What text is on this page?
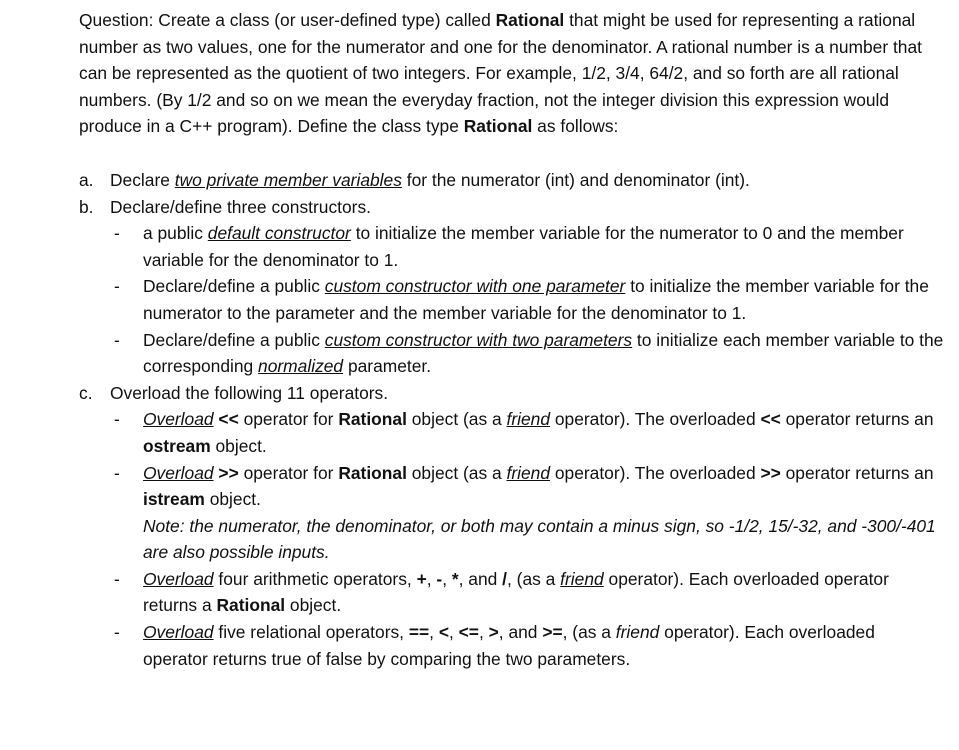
Question: Create a class (or user-defined type) called Rational that might be used for representing a rational number as two values, one for the numerator and one for the denominator. A rational number is a number that can be represented as the quotient of two integers. For example, 1/2, 3/4, 64/2, and so forth are all rational numbers. (By 1/2 and so on we mean the everyday fraction, not the integer division this expression would produce in a C++ program). Define the class type Rational as follows:

a. Declare two private member variables for the numerator (int) and denominator (int).
b. Declare/define three constructors.
- a public default constructor to initialize the member variable for the numerator to 0 and the member variable for the denominator to 1.
- Declare/define a public custom constructor with one parameter to initialize the member variable for the numerator to the parameter and the member variable for the denominator to 1.
- Declare/define a public custom constructor with two parameters to initialize each member variable to the corresponding normalized parameter.
c. Overload the following 11 operators.
- Overload << operator for Rational object (as a friend operator). The overloaded << operator returns an ostream object.
- Overload >> operator for Rational object (as a friend operator). The overloaded >> operator returns an istream object.
Note: the numerator, the denominator, or both may contain a minus sign, so -1/2, 15/-32, and -300/-401 are also possible inputs.
- Overload four arithmetic operators, +, -, *, and /, (as a friend operator). Each overloaded operator returns a Rational object.
- Overload five relational operators, ==, <, <=, >, and >=, (as a friend operator). Each overloaded operator returns true of false by comparing the two parameters.
